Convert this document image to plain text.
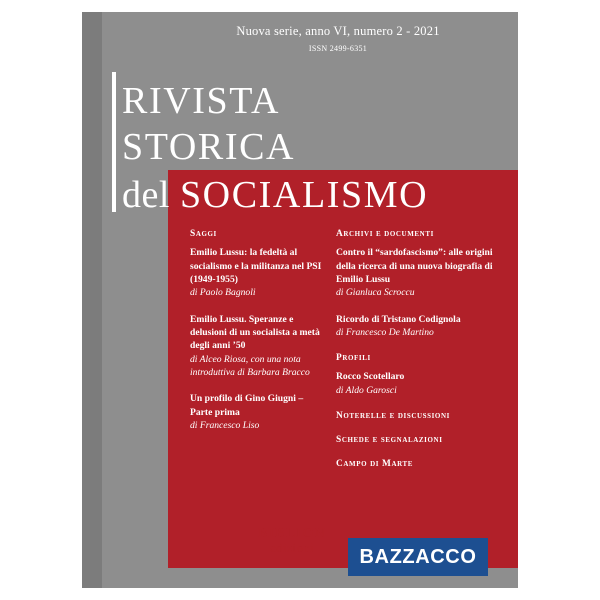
Nuova serie, anno VI, numero 2 - 2021
ISSN 2499-6351
RIVISTA
STORICA
del SOCIALISMO
Saggi
Emilio Lussu: la fedeltà al socialismo e la militanza nel PSI (1949-1955)
di Paolo Bagnoli
Emilio Lussu. Speranze e delusioni di un socialista a metà degli anni ’50
di Alceo Riosa, con una nota introduttiva di Barbara Bracco
Un profilo di Gino Giugni – Parte prima
di Francesco Liso
Archivi e documenti
Contro il “sardofascismo”: alle origini della ricerca di una nuova biografia di Emilio Lussu
di Gianluca Scroccu
Ricordo di Tristano Codignola
di Francesco De Martino
Profili
Rocco Scotellaro
di Aldo Garosci
Noterelle e discussioni
Schede e segnalazioni
Campo di Marte
BIBLION
edizioni	BAZZACCO
